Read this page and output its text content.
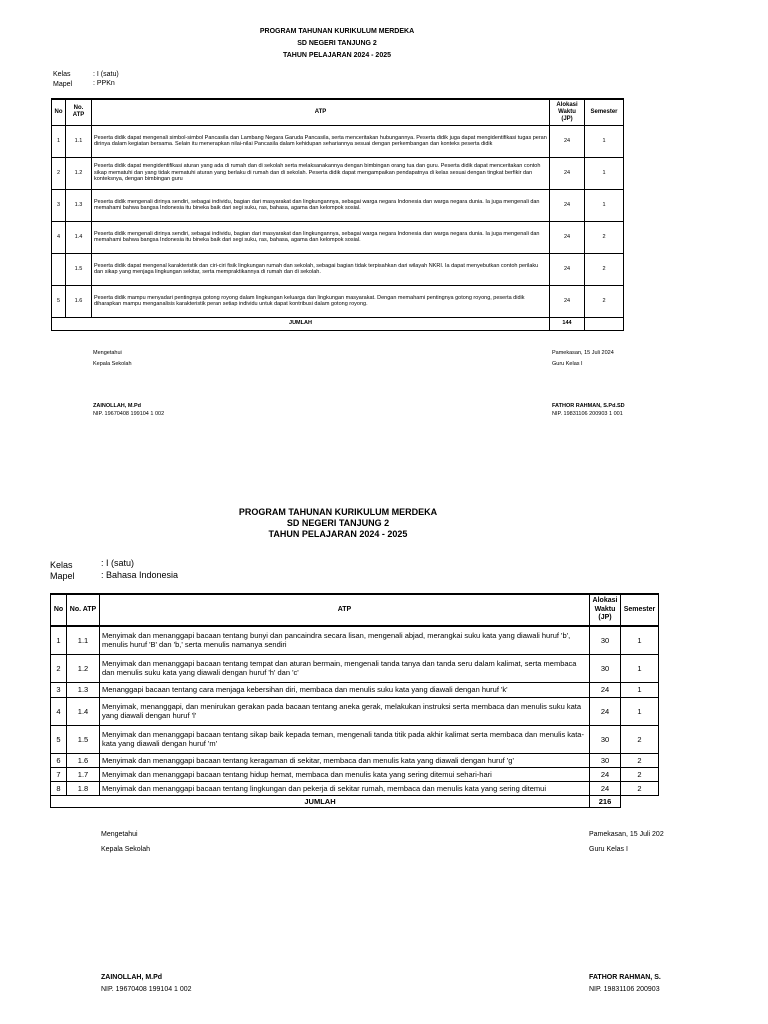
PROGRAM TAHUNAN KURIKULUM MERDEKA
SD NEGERI TANJUNG 2
TAHUN PELAJARAN 2024 - 2025
Kelas	: I (satu)
Mapel	: PPKn
No	No. ATP	ATP	Alokasi Waktu (JP)	Semester
1	1.1	Peserta didik dapat mengenali simbol-simbol Pancasila dan Lambang Negara Garuda Pancasila, serta menceritakan hubungannya. Peserta didik juga dapat mengidentifikasi tugas peran dirinya dalam kegiatan bersama. Selain itu menerapkan nilai-nilai Pancasila dalam kehidupan sehariannya sesuai dengan perkembangan dan konteks peserta didik	24	1
2	1.2	Peserta didik dapat mengidentifikasi aturan yang ada di rumah dan di sekolah serta melaksanakannya dengan bimbingan orang tua dan guru. Peserta didik dapat menceritakan contoh sikap mematuhi dan yang tidak mematuhi aturan yang berlaku di rumah dan di sekolah. Peserta didik dapat mengampaikan pendapatnya di kelas sesuai dengan tingkat berfikir dan konteksnya, dengan bimbingan guru	24	1
3	1.3	Peserta didik mengenali dirinya sendiri, sebagai individu, bagian dari masyarakat dan lingkungannya, sebagai warga negara Indonesia dan warga negara dunia. Ia juga mengenali dan memahami bahwa bangsa Indonesia itu bineka baik dari segi suku, ras, bahasa, agama dan kelompok sosial.	24	1
4	1.4	Peserta didik mengenali dirinya sendiri, sebagai individu, bagian dari masyarakat dan lingkungannya, sebagai warga negara Indonesia dan warga negara dunia. Ia juga mengenali dan memahami bahwa bangsa Indonesia itu bineka baik dari segi suku, ras, bahasa, agama dan kelompok sosial.	24	2
	1.5	Peserta didik dapat mengenal karakteristik dan ciri-ciri fisik lingkungan rumah dan sekolah, sebagai bagian tidak terpisahkan dari wilayah NKRI. Ia dapat menyebutkan contoh perilaku dan sikap yang menjaga lingkungan sekitar, serta mempraktikannya di rumah dan di sekolah.	24	2
5	1.6	Peserta didik mampu menyadari pentingnya gotong royong dalam lingkungan keluarga dan lingkungan masyarakat. Dengan memahami pentingnya gotong royong, peserta didik diharapkan mampu menganalisis karakteristik peran setiap individu untuk dapat kontribusi dalam gotong royong.	24	2
JUMLAH			144	
Mengetahui
Kepala Sekolah
ZAINOLLAH, M.Pd
NIP. 19670408 199104 1 002
Pamekasan, 15 Juli 2024
Guru Kelas I
FATHOR RAHMAN, S.Pd.SD
NIP. 19831106 200903 1 001
PROGRAM TAHUNAN KURIKULUM MERDEKA
SD NEGERI TANJUNG 2
TAHUN PELAJARAN 2024 - 2025
Kelas	: I (satu)
Mapel	: Bahasa Indonesia
No	No. ATP	ATP	Alokasi Waktu (JP)	Semester
1	1.1	Menyimak dan menanggapi bacaan tentang bunyi dan pancaindra secara lisan, mengenali abjad, merangkai suku kata yang diawali huruf 'b', menulis huruf 'B' dan 'b,' serta menulis namanya sendiri	30	1
2	1.2	Menyimak dan menanggapi bacaan tentang tempat dan aturan bermain, mengenali tanda tanya dan tanda seru dalam kalimat, serta membaca dan menulis suku kata yang diawali dengan huruf 'h' dan 'c'	30	1
3	1.3	Menanggapi bacaan tentang cara menjaga kebersihan diri, membaca dan menulis suku kata yang diawali dengan huruf 'k'	24	1
4	1.4	Menyimak, menanggapi, dan menirukan gerakan pada bacaan tentang aneka gerak, melakukan instruksi serta membaca dan menulis suku kata yang diawali dengan huruf 'l'	24	1
5	1.5	Menyimak dan menanggapi bacaan tentang sikap baik kepada teman, mengenali tanda titik pada akhir kalimat serta membaca dan menulis kata-kata yang diawali dengan huruf 'm'	30	2
6	1.6	Menyimak dan menanggapi bacaan tentang keragaman di sekitar, membaca dan menulis kata yang diawali dengan huruf 'g'	30	2
7	1.7	Menyimak dan menanggapi bacaan tentang hidup hemat, membaca dan menulis kata yang sering ditemui sehari-hari	24	2
8	1.8	Menyimak dan menanggapi bacaan tentang lingkungan dan pekerja di sekitar rumah, membaca dan menulis kata yang sering ditemui	24	2
JUMLAH			216	
Mengetahui
Kepala Sekolah
ZAINOLLAH, M.Pd
NIP. 19670408 199104 1 002
Pamekasan, 15 Juli 202
Guru Kelas I
FATHOR RAHMAN, S.
NIP. 19831106 200903
